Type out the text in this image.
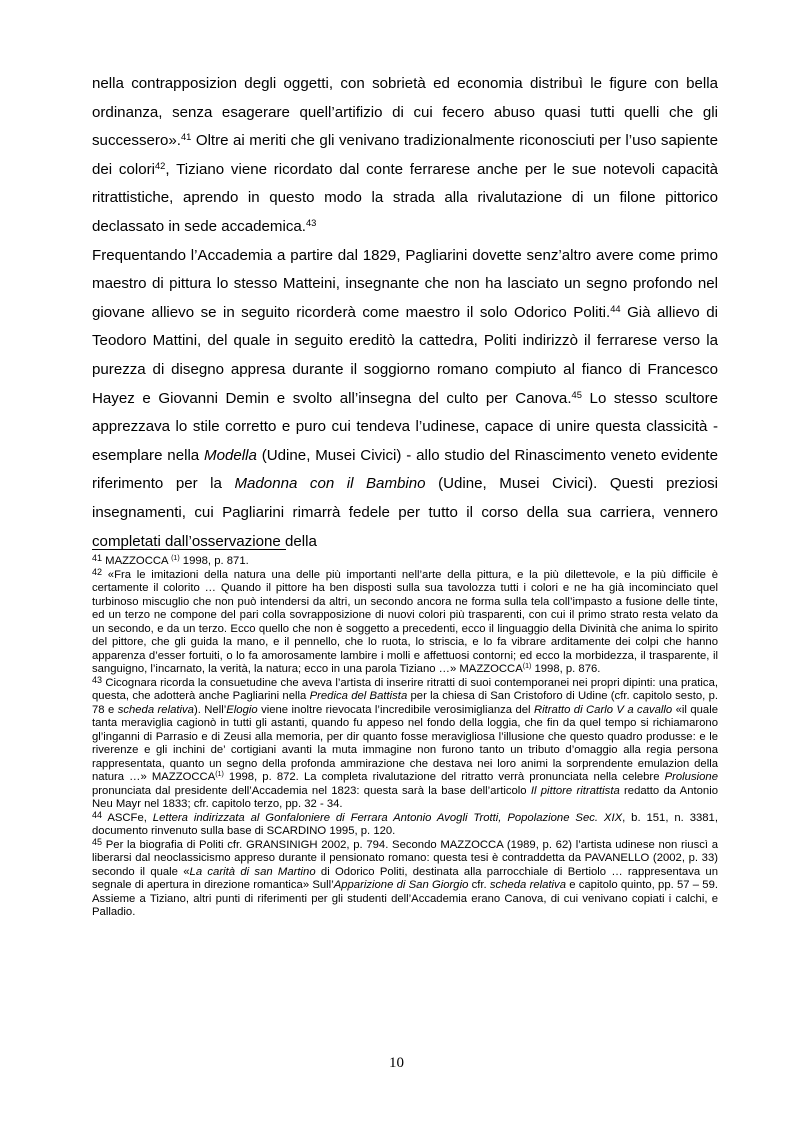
nella contrapposizion degli oggetti, con sobrietà ed economia distribuì le figure con bella ordinanza, senza esagerare quell’artifizio di cui fecero abuso quasi tutti quelli che gli successero».$^{41}$ Oltre ai meriti che gli venivano tradizionalmente riconosciuti per l’uso sapiente dei colori$^{42}$, Tiziano viene ricordato dal conte ferrarese anche per le sue notevoli capacità ritrattistiche, aprendo in questo modo la strada alla rivalutazione di un filone pittorico declassato in sede accademica.$^{43}$

Frequentando l’Accademia a partire dal 1829, Pagliarini dovette senz’altro avere come primo maestro di pittura lo stesso Matteini, insegnante che non ha lasciato un segno profondo nel giovane allievo se in seguito ricorderà come maestro il solo Odorico Politi.$^{44}$ Già allievo di Teodoro Mattini, del quale in seguito ereditò la cattedra, Politi indirizzò il ferrarese verso la purezza di disegno appresa durante il soggiorno romano compiuto al fianco di Francesco Hayez e Giovanni Demin e svolto all’insegna del culto per Canova.$^{45}$ Lo stesso scultore apprezzava lo stile corretto e puro cui tendeva l’udinese, capace di unire questa classicità - esemplare nella Modella (Udine, Musei Civici) - allo studio del Rinascimento veneto evidente riferimento per la Madonna con il Bambino (Udine, Musei Civici). Questi preziosi insegnamenti, cui Pagliarini rimarrà fedele per tutto il corso della sua carriera, vennero completati dall’osservazione della

$^{41}$ MAZZOCCA $^{(1)}$ 1998, p. 871.

$^{42}$ «Fra le imitazioni della natura una delle più importanti nell’arte della pittura, e la più dilettevole, e la più difficile è certamente il colorito … Quando il pittore ha ben disposti sulla sua tavolozza tutti i colori e ne ha già incominciato quel turbinoso miscuglio che non può intendersi da altri, un secondo ancora ne forma sulla tela coll’impasto a fusione delle tinte, ed un terzo ne compone del pari colla sovrapposizione di nuovi colori più trasparenti, con cui il primo strato resta velato da un secondo, e da un terzo. Ecco quello che non è soggetto a precedenti, ecco il linguaggio della Divinità che anima lo spirito del pittore, che gli guida la mano, e il pennello, che lo ruota, lo striscia, e lo fa vibrare arditamente dei colpi che hanno apparenza d’esser fortuiti, o lo fa amorosamente lambire i molli e affettuosi contorni; ed ecco la morbidezza, il trasparente, il sanguigno, l’incarnato, la verità, la natura; ecco in una parola Tiziano …» MAZZOCCA$^{(1)}$ 1998, p. 876.

$^{43}$ Cicognara ricorda la consuetudine che aveva l’artista di inserire ritratti di suoi contemporanei nei propri dipinti: una pratica, questa, che adotterà anche Pagliarini nella Predica del Battista per la chiesa di San Cristoforo di Udine (cfr. capitolo sesto, p. 78 e scheda relativa). Nell’Elogio viene inoltre rievocata l’incredibile verosimiglianza del Ritratto di Carlo V a cavallo «il quale tanta meraviglia cagionò in tutti gli astanti, quando fu appeso nel fondo della loggia, che fin da quel tempo si richiamarono gl’inganni di Parrasio e di Zeusi alla memoria, per dir quanto fosse meravigliosa l’illusione che questo quadro produsse: e le riverenze e gli inchini de’ cortigiani avanti la muta immagine non furono tanto un tributo d’omaggio alla regia persona rappresentata, quanto un segno della profonda ammirazione che destava nei loro animi la sorprendente emulazion della natura …» MAZZOCCA$^{(1)}$ 1998, p. 872. La completa rivalutazione del ritratto verrà pronunciata nella celebre Prolusione pronunciata dal presidente dell’Accademia nel 1823: questa sarà la base dell’articolo Il pittore ritrattista redatto da Antonio Neu Mayr nel 1833; cfr. capitolo terzo, pp. 32 - 34.

$^{44}$ ASCFe, Lettera indirizzata al Gonfaloniere di Ferrara Antonio Avogli Trotti, Popolazione Sec. XIX, b. 151, n. 3381, documento rinvenuto sulla base di SCARDINO 1995, p. 120.

$^{45}$ Per la biografia di Politi cfr. GRANSINIGH 2002, p. 794. Secondo MAZZOCCA (1989, p. 62) l’artista udinese non riuscì a liberarsi dal neoclassicismo appreso durante il pensionato romano: questa tesi è contraddetta da PAVANELLO (2002, p. 33) secondo il quale «La carità di san Martino di Odorico Politi, destinata alla parrocchiale di Bertiolo … rappresentava un segnale di apertura in direzione romantica» Sull’Apparizione di San Giorgio cfr. scheda relativa e capitolo quinto, pp. 57 – 59. Assieme a Tiziano, altri punti di riferimenti per gli studenti dell’Accademia erano Canova, di cui venivano copiati i calchi, e Palladio.

10
